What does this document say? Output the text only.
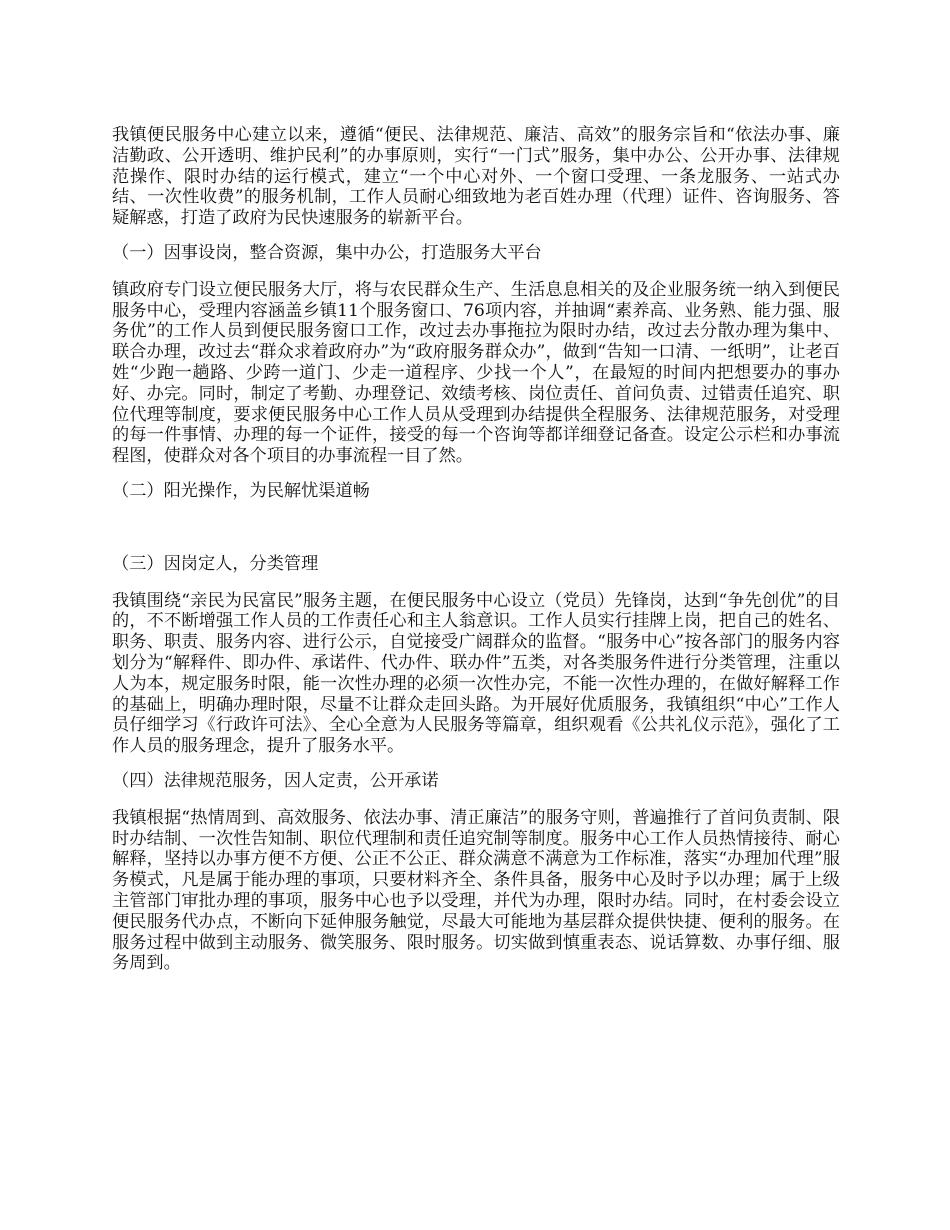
我镇便民服务中心建立以来，遵循“便民、法律规范、廉洁、高效”的服务宗旨和“依法办事、廉洁勤政、公开透明、维护民利”的办事原则，实行“一门式”服务，集中办公、公开办事、法律规范操作、限时办结的运行模式，建立“一个中心对外、一个窗口受理、一条龙服务、一站式办结、一次性收费”的服务机制，工作人员耐心细致地为老百姓办理（代理）证件、咨询服务、答疑解惑，打造了政府为民快速服务的崭新平台。

（一）因事设岗，整合资源，集中办公，打造服务大平台

镇政府专门设立便民服务大厅，将与农民群众生产、生活息息相关的及企业服务统一纳入到便民服务中心，受理内容涵盖乡镇11个服务窗口、76项内容，并抽调“素养高、业务熟、能力强、服务优”的工作人员到便民服务窗口工作，改过去办事拖拉为限时办结，改过去分散办理为集中、联合办理，改过去“群众求着政府办”为“政府服务群众办”，做到“告知一口清、一纸明”，让老百姓“少跑一趟路、少跨一道门、少走一道程序、少找一个人”，在最短的时间内把想要办的事办好、办完。同时，制定了考勤、办理登记、效绩考核、岗位责任、首问负责、过错责任追究、职位代理等制度，要求便民服务中心工作人员从受理到办结提供全程服务、法律规范服务，对受理的每一件事情、办理的每一个证件，接受的每一个咨询等都详细登记备查。设定公示栏和办事流程图，使群众对各个项目的办事流程一目了然。

（二）阳光操作，为民解忧渠道畅

（三）因岗定人，分类管理

我镇围绕“亲民为民富民”服务主题，在便民服务中心设立（党员）先锋岗，达到“争先创优”的目的，不不断增强工作人员的工作责任心和主人翁意识。工作人员实行挂牌上岗，把自己的姓名、职务、职责、服务内容、进行公示，自觉接受广阔群众的监督。“服务中心”按各部门的服务内容划分为“解释件、即办件、承诺件、代办件、联办件”五类，对各类服务件进行分类管理，注重以人为本，规定服务时限，能一次性办理的必须一次性办完，不能一次性办理的，在做好解释工作的基础上，明确办理时限，尽量不让群众走回头路。为开展好优质服务，我镇组织“中心”工作人员仔细学习《行政许可法》、全心全意为人民服务等篇章，组织观看《公共礼仪示范》，强化了工作人员的服务理念，提升了服务水平。

（四）法律规范服务，因人定责，公开承诺

我镇根据“热情周到、高效服务、依法办事、清正廉洁”的服务守则，普遍推行了首问负责制、限时办结制、一次性告知制、职位代理制和责任追究制等制度。服务中心工作人员热情接待、耐心解释，坚持以办事方便不方便、公正不公正、群众满意不满意为工作标准，落实“办理加代理”服务模式，凡是属于能办理的事项，只要材料齐全、条件具备，服务中心及时予以办理；属于上级主管部门审批办理的事项，服务中心也予以受理，并代为办理，限时办结。同时，在村委会设立便民服务代办点，不断向下延伸服务触觉，尽最大可能地为基层群众提供快捷、便利的服务。在服务过程中做到主动服务、微笑服务、限时服务。切实做到慎重表态、说话算数、办事仔细、服务周到。
